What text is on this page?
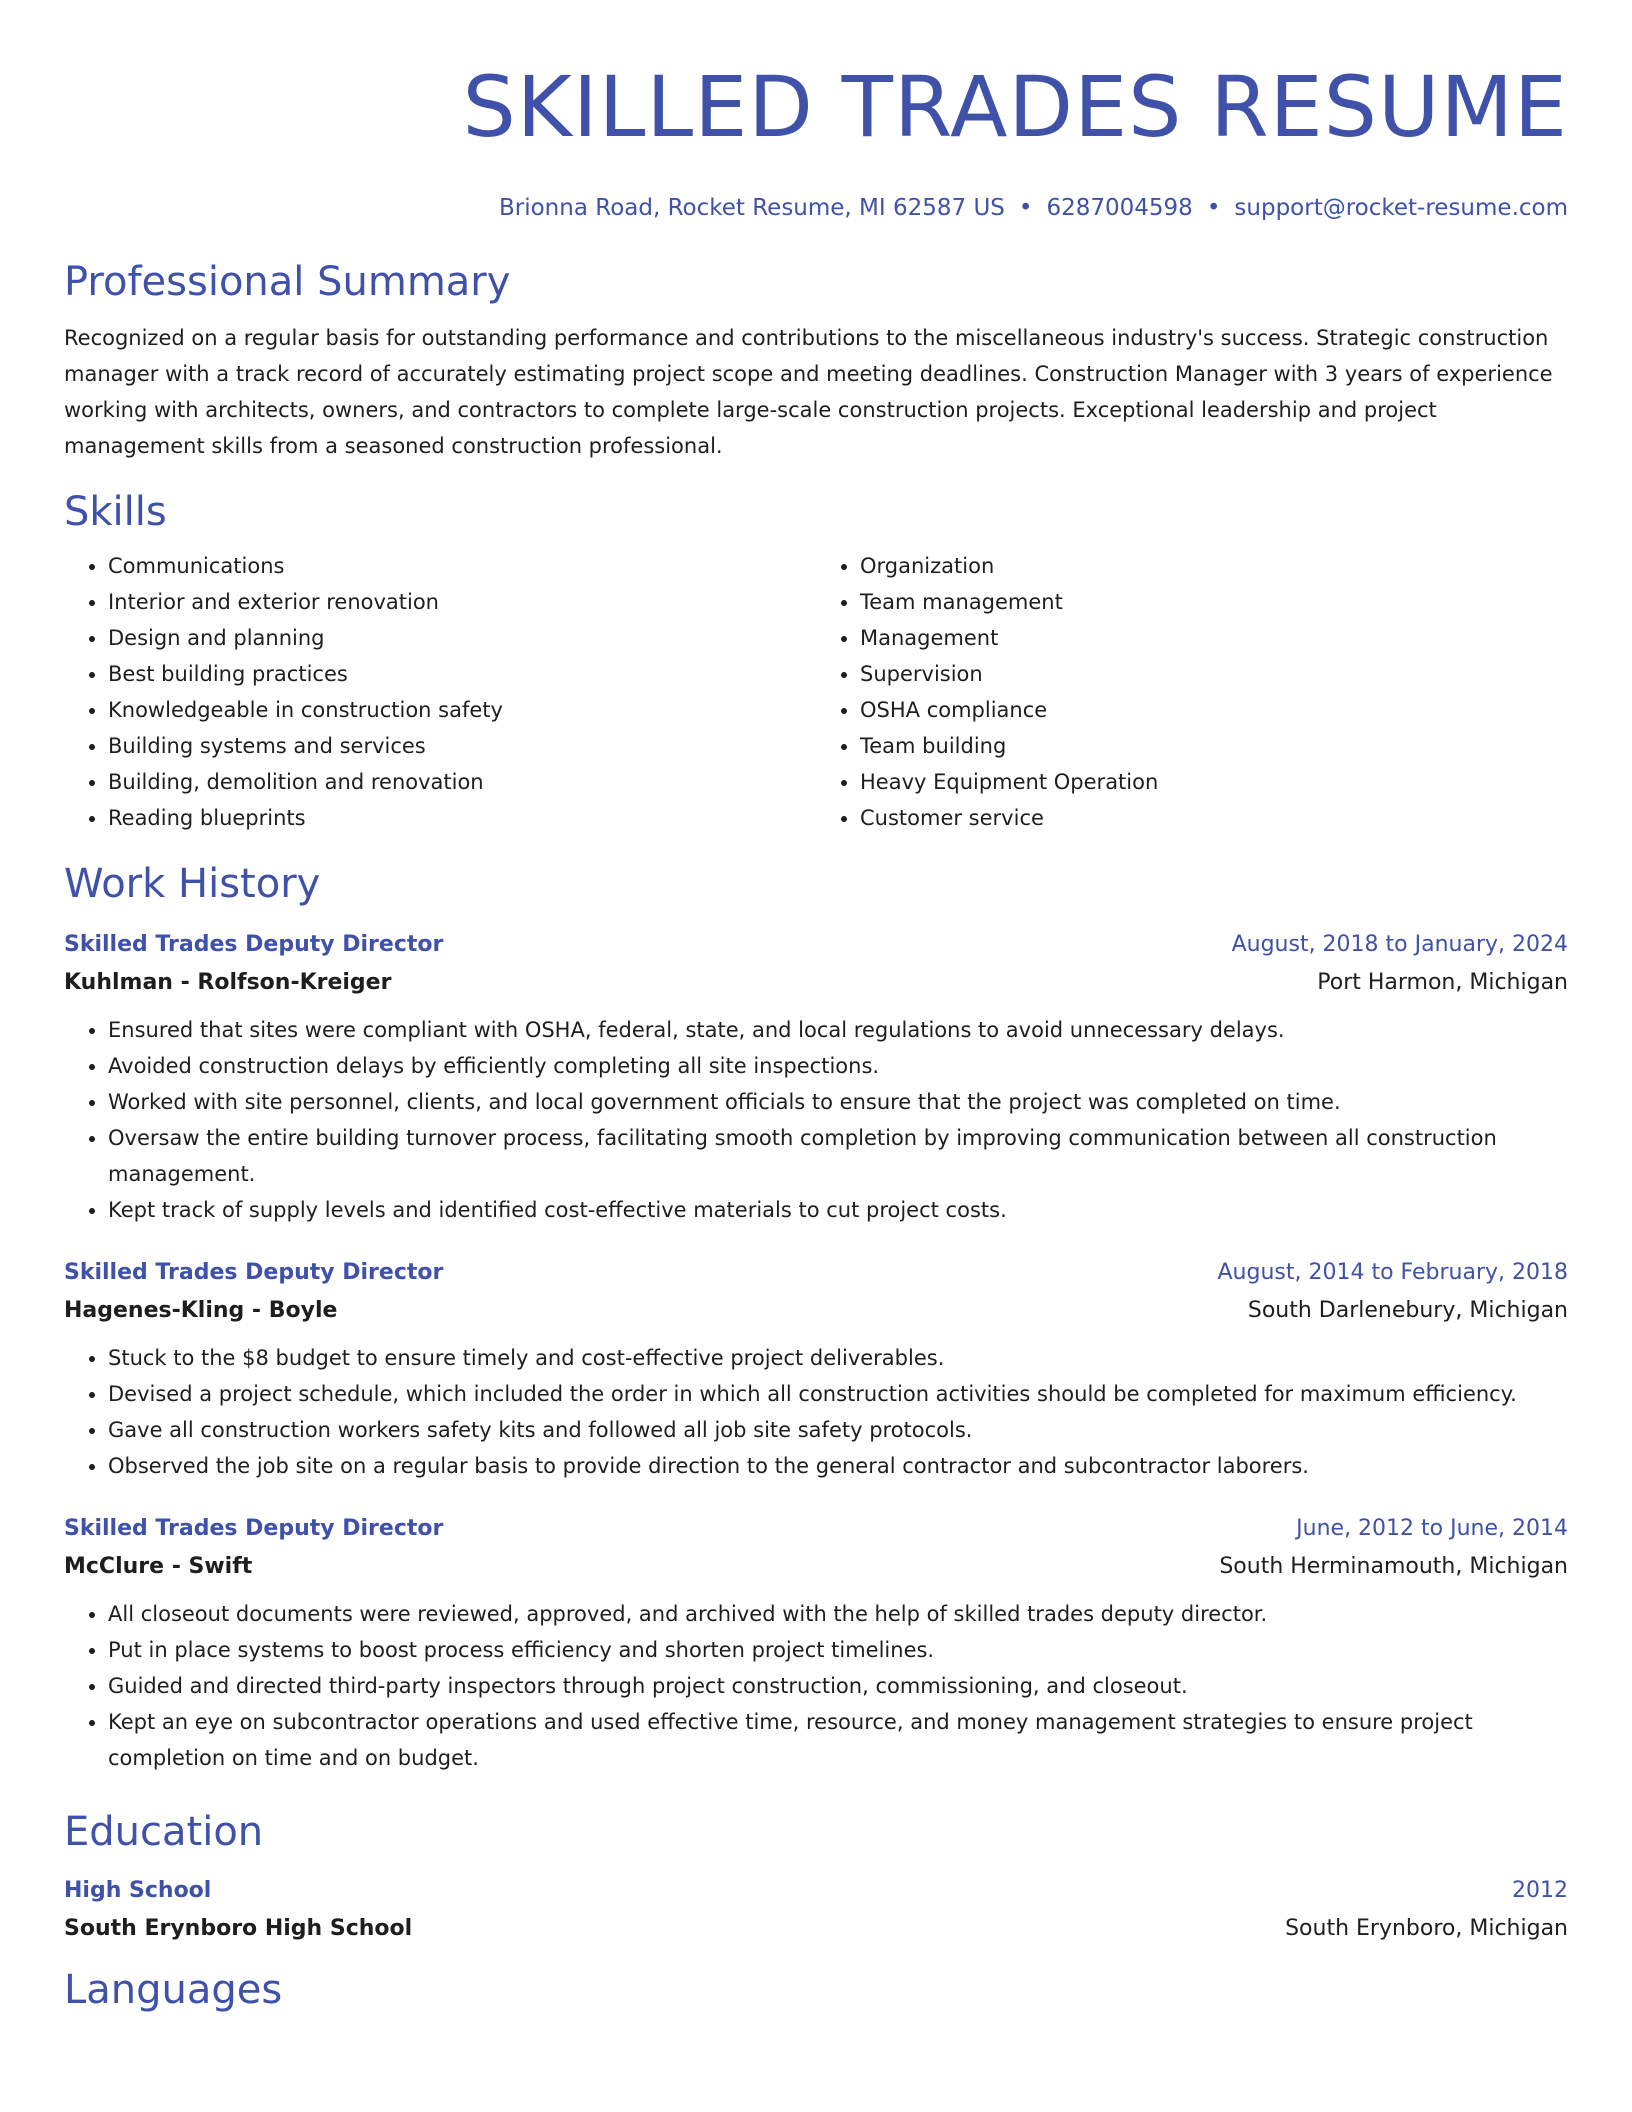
SKILLED TRADES RESUME
Brionna Road, Rocket Resume, MI 62587 US • 6287004598 • support@rocket-resume.com
Professional Summary
Recognized on a regular basis for outstanding performance and contributions to the miscellaneous industry's success. Strategic construction manager with a track record of accurately estimating project scope and meeting deadlines. Construction Manager with 3 years of experience working with architects, owners, and contractors to complete large-scale construction projects. Exceptional leadership and project management skills from a seasoned construction professional.
Skills
• Communications
• Interior and exterior renovation
• Design and planning
• Best building practices
• Knowledgeable in construction safety
• Building systems and services
• Building, demolition and renovation
• Reading blueprints
• Organization
• Team management
• Management
• Supervision
• OSHA compliance
• Team building
• Heavy Equipment Operation
• Customer service
Work History
Skilled Trades Deputy Director	August, 2018 to January, 2024
Kuhlman - Rolfson-Kreiger	Port Harmon, Michigan
• Ensured that sites were compliant with OSHA, federal, state, and local regulations to avoid unnecessary delays.
• Avoided construction delays by efficiently completing all site inspections.
• Worked with site personnel, clients, and local government officials to ensure that the project was completed on time.
• Oversaw the entire building turnover process, facilitating smooth completion by improving communication between all construction management.
• Kept track of supply levels and identified cost-effective materials to cut project costs.
Skilled Trades Deputy Director	August, 2014 to February, 2018
Hagenes-Kling - Boyle	South Darlenebury, Michigan
• Stuck to the $8 budget to ensure timely and cost-effective project deliverables.
• Devised a project schedule, which included the order in which all construction activities should be completed for maximum efficiency.
• Gave all construction workers safety kits and followed all job site safety protocols.
• Observed the job site on a regular basis to provide direction to the general contractor and subcontractor laborers.
Skilled Trades Deputy Director	June, 2012 to June, 2014
McClure - Swift	South Herminamouth, Michigan
• All closeout documents were reviewed, approved, and archived with the help of skilled trades deputy director.
• Put in place systems to boost process efficiency and shorten project timelines.
• Guided and directed third-party inspectors through project construction, commissioning, and closeout.
• Kept an eye on subcontractor operations and used effective time, resource, and money management strategies to ensure project completion on time and on budget.
Education
High School	2012
South Erynboro High School	South Erynboro, Michigan
Languages
